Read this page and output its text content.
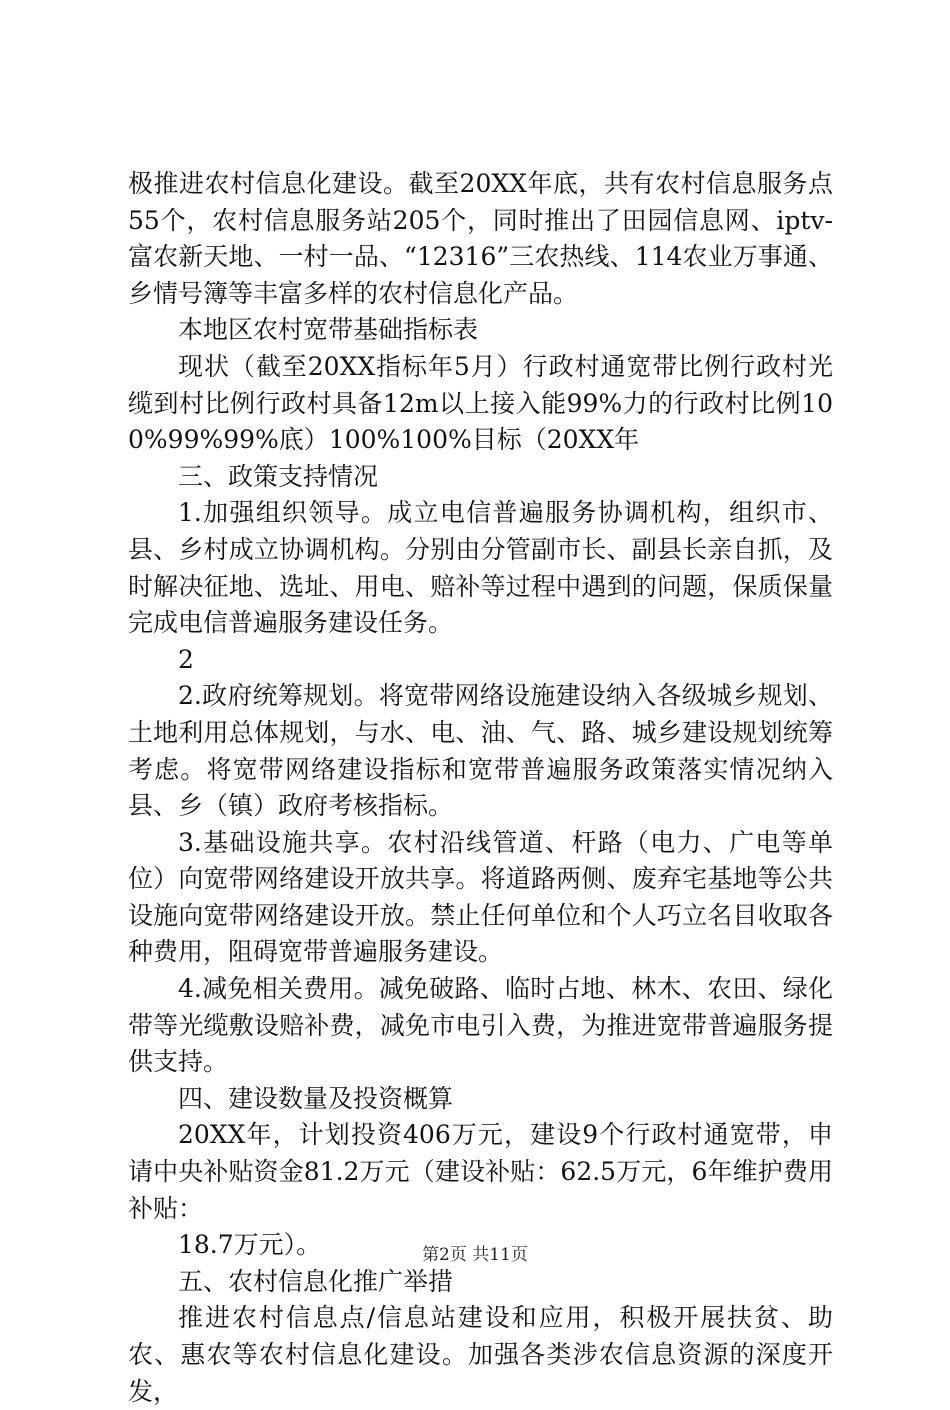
极推进农村信息化建设。截至20XX年底，共有农村信息服务点55个，农村信息服务站205个，同时推出了田园信息网、iptv-富农新天地、一村一品、“12316”三农热线、114农业万事通、乡情号簿等丰富多样的农村信息化产品。

本地区农村宽带基础指标表

现状（截至20XX指标年5月）行政村通宽带比例行政村光缆到村比例行政村具备12m以上接入能99%力的行政村比例100%99%99%底）100%100%目标（20XX年

三、政策支持情况

1.加强组织领导。成立电信普遍服务协调机构，组织市、县、乡村成立协调机构。分别由分管副市长、副县长亲自抓，及时解决征地、选址、用电、赔补等过程中遇到的问题，保质保量完成电信普遍服务建设任务。

2

2.政府统筹规划。将宽带网络设施建设纳入各级城乡规划、土地利用总体规划，与水、电、油、气、路、城乡建设规划统筹考虑。将宽带网络建设指标和宽带普遍服务政策落实情况纳入县、乡（镇）政府考核指标。

3.基础设施共享。农村沿线管道、杆路（电力、广电等单位）向宽带网络建设开放共享。将道路两侧、废弃宅基地等公共设施向宽带网络建设开放。禁止任何单位和个人巧立名目收取各种费用，阻碍宽带普遍服务建设。

4.减免相关费用。减免破路、临时占地、林木、农田、绿化带等光缆敷设赔补费，减免市电引入费，为推进宽带普遍服务提供支持。

四、建设数量及投资概算

20XX年，计划投资406万元，建设9个行政村通宽带，申请中央补贴资金81.2万元（建设补贴：62.5万元，6年维护费用补贴：

18.7万元）。

五、农村信息化推广举措

推进农村信息点/信息站建设和应用，积极开展扶贫、助农、惠农等农村信息化建设。加强各类涉农信息资源的深度开发，

第2页 共11页
